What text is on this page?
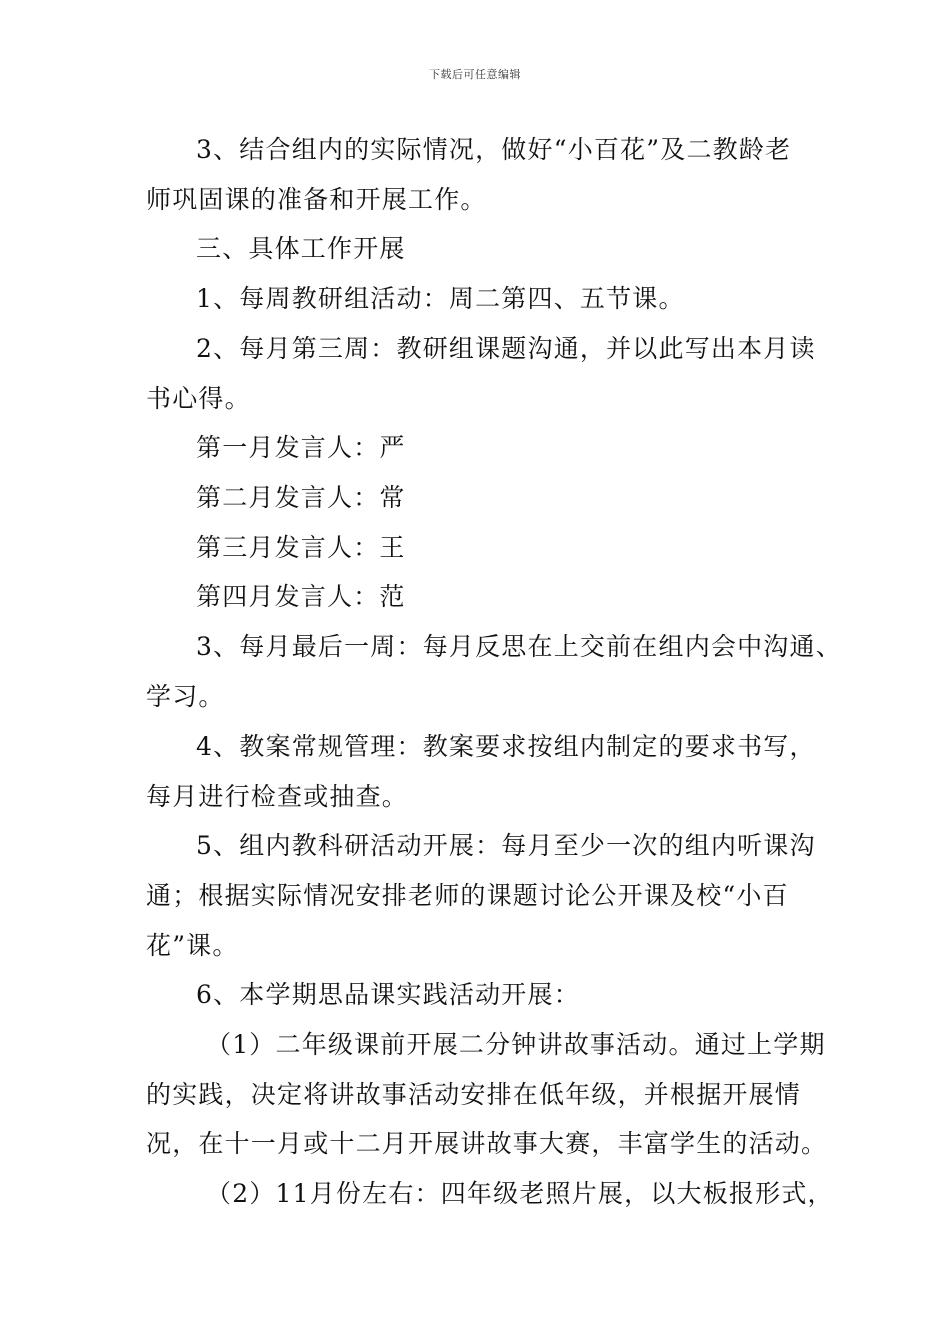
下载后可任意编辑
3、结合组内的实际情况，做好“小百花”及二教龄老
师巩固课的准备和开展工作。
三、具体工作开展
1、每周教研组活动：周二第四、五节课。
2、每月第三周：教研组课题沟通，并以此写出本月读
书心得。
第一月发言人：严
第二月发言人：常
第三月发言人：王
第四月发言人：范
3、每月最后一周：每月反思在上交前在组内会中沟通、
学习。
4、教案常规管理：教案要求按组内制定的要求书写，
每月进行检查或抽查。
5、组内教科研活动开展：每月至少一次的组内听课沟
通；根据实际情况安排老师的课题讨论公开课及校“小百
花”课。
6、本学期思品课实践活动开展：
（1）二年级课前开展二分钟讲故事活动。通过上学期
的实践，决定将讲故事活动安排在低年级，并根据开展情
况，在十一月或十二月开展讲故事大赛，丰富学生的活动。
（2）11月份左右：四年级老照片展，以大板报形式，
